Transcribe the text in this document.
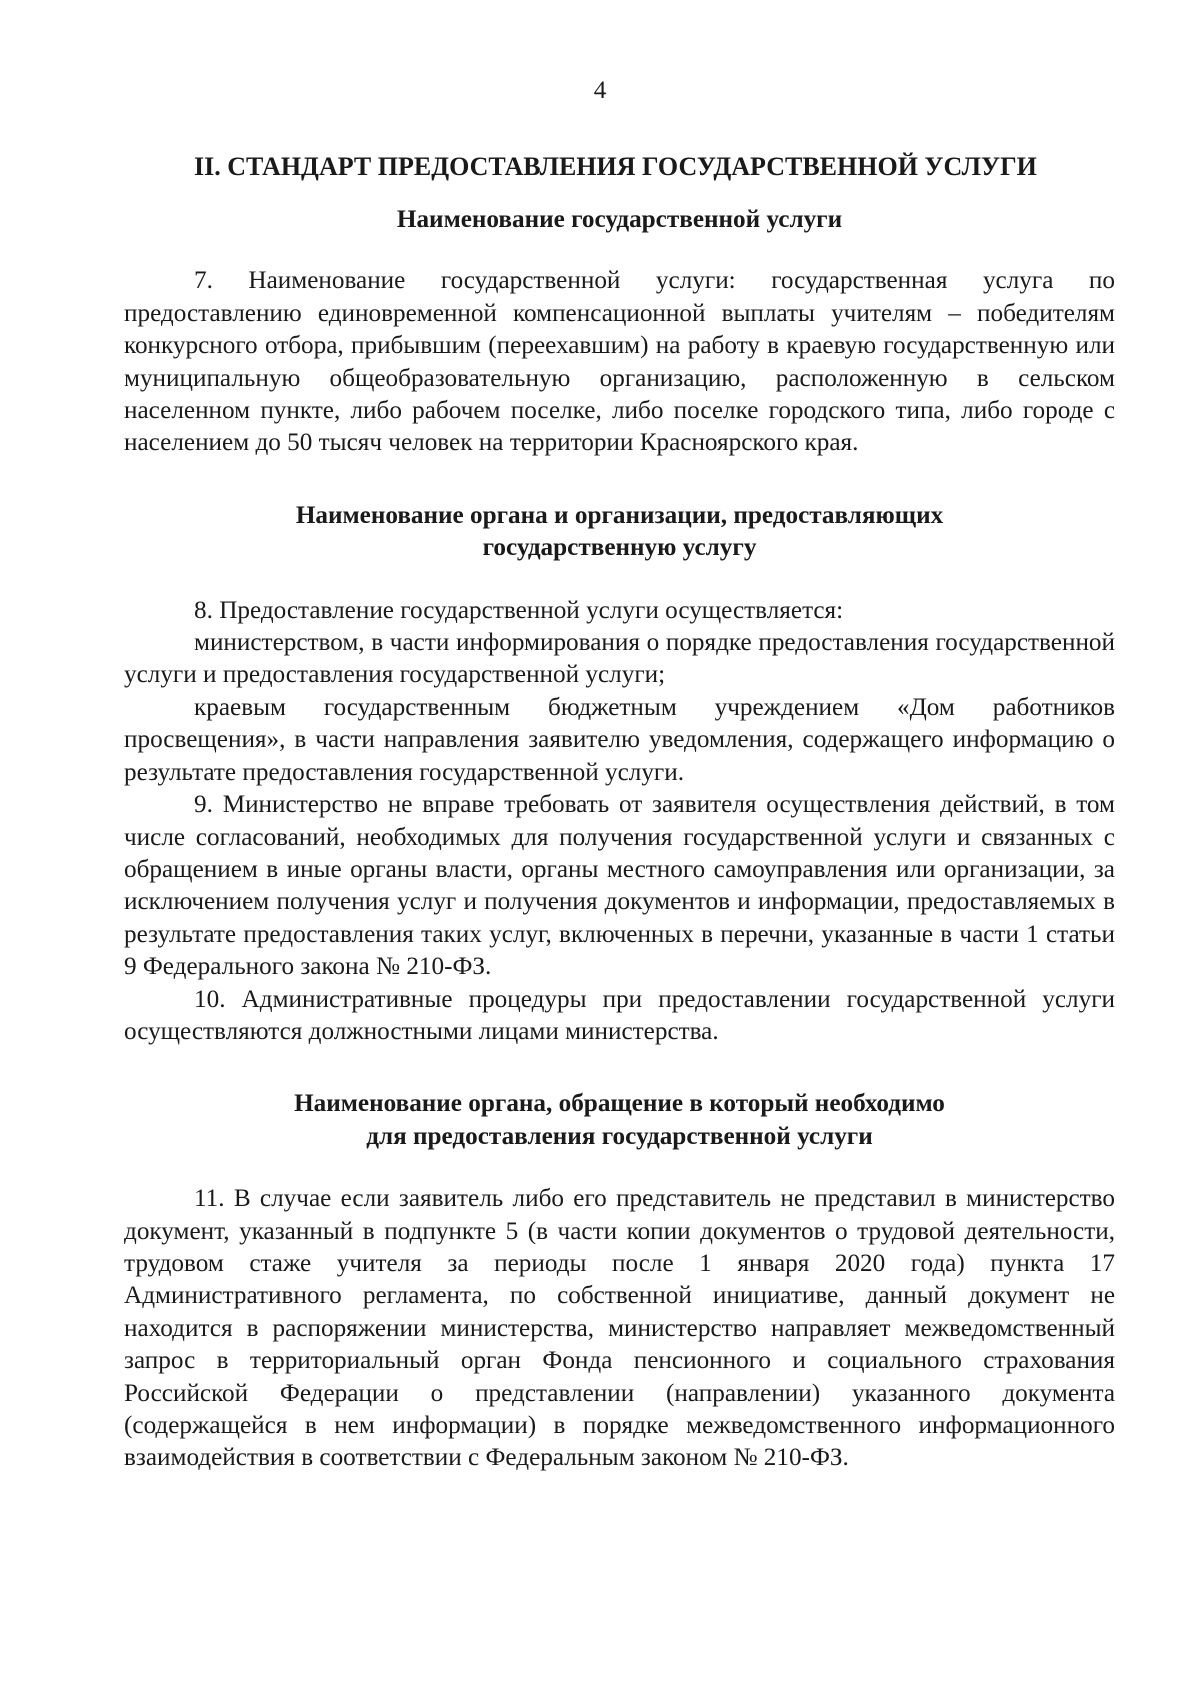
4
II. СТАНДАРТ ПРЕДОСТАВЛЕНИЯ ГОСУДАРСТВЕННОЙ УСЛУГИ
Наименование государственной услуги

7. Наименование государственной услуги: государственная услуга по предоставлению единовременной компенсационной выплаты учителям – победителям конкурсного отбора, прибывшим (переехавшим) на работу в краевую государственную или муниципальную общеобразовательную организацию, расположенную в сельском населенном пункте, либо рабочем поселке, либо поселке городского типа, либо городе с населением до 50 тысяч человек на территории Красноярского края.

Наименование органа и организации, предоставляющих
государственную услугу

8. Предоставление государственной услуги осуществляется:

министерством, в части информирования о порядке предоставления государственной услуги и предоставления государственной услуги;

краевым государственным бюджетным учреждением «Дом работников просвещения», в части направления заявителю уведомления, содержащего информацию о результате предоставления государственной услуги.

9. Министерство не вправе требовать от заявителя осуществления действий, в том числе согласований, необходимых для получения государственной услуги и связанных с обращением в иные органы власти, органы местного самоуправления или организации, за исключением получения услуг и получения документов и информации, предоставляемых в результате предоставления таких услуг, включенных в перечни, указанные в части 1 статьи 9 Федерального закона № 210-ФЗ.

10. Административные процедуры при предоставлении государственной услуги осуществляются должностными лицами министерства.

Наименование органа, обращение в который необходимо
для предоставления государственной услуги

11. В случае если заявитель либо его представитель не представил в министерство документ, указанный в подпункте 5 (в части копии документов о трудовой деятельности, трудовом стаже учителя за периоды после 1 января 2020 года) пункта 17 Административного регламента, по собственной инициативе, данный документ не находится в распоряжении министерства, министерство направляет межведомственный запрос в территориальный орган Фонда пенсионного и социального страхования Российской Федерации о представлении (направлении) указанного документа (содержащейся в нем информации) в порядке межведомственного информационного взаимодействия в соответствии с Федеральным законом № 210-ФЗ.
